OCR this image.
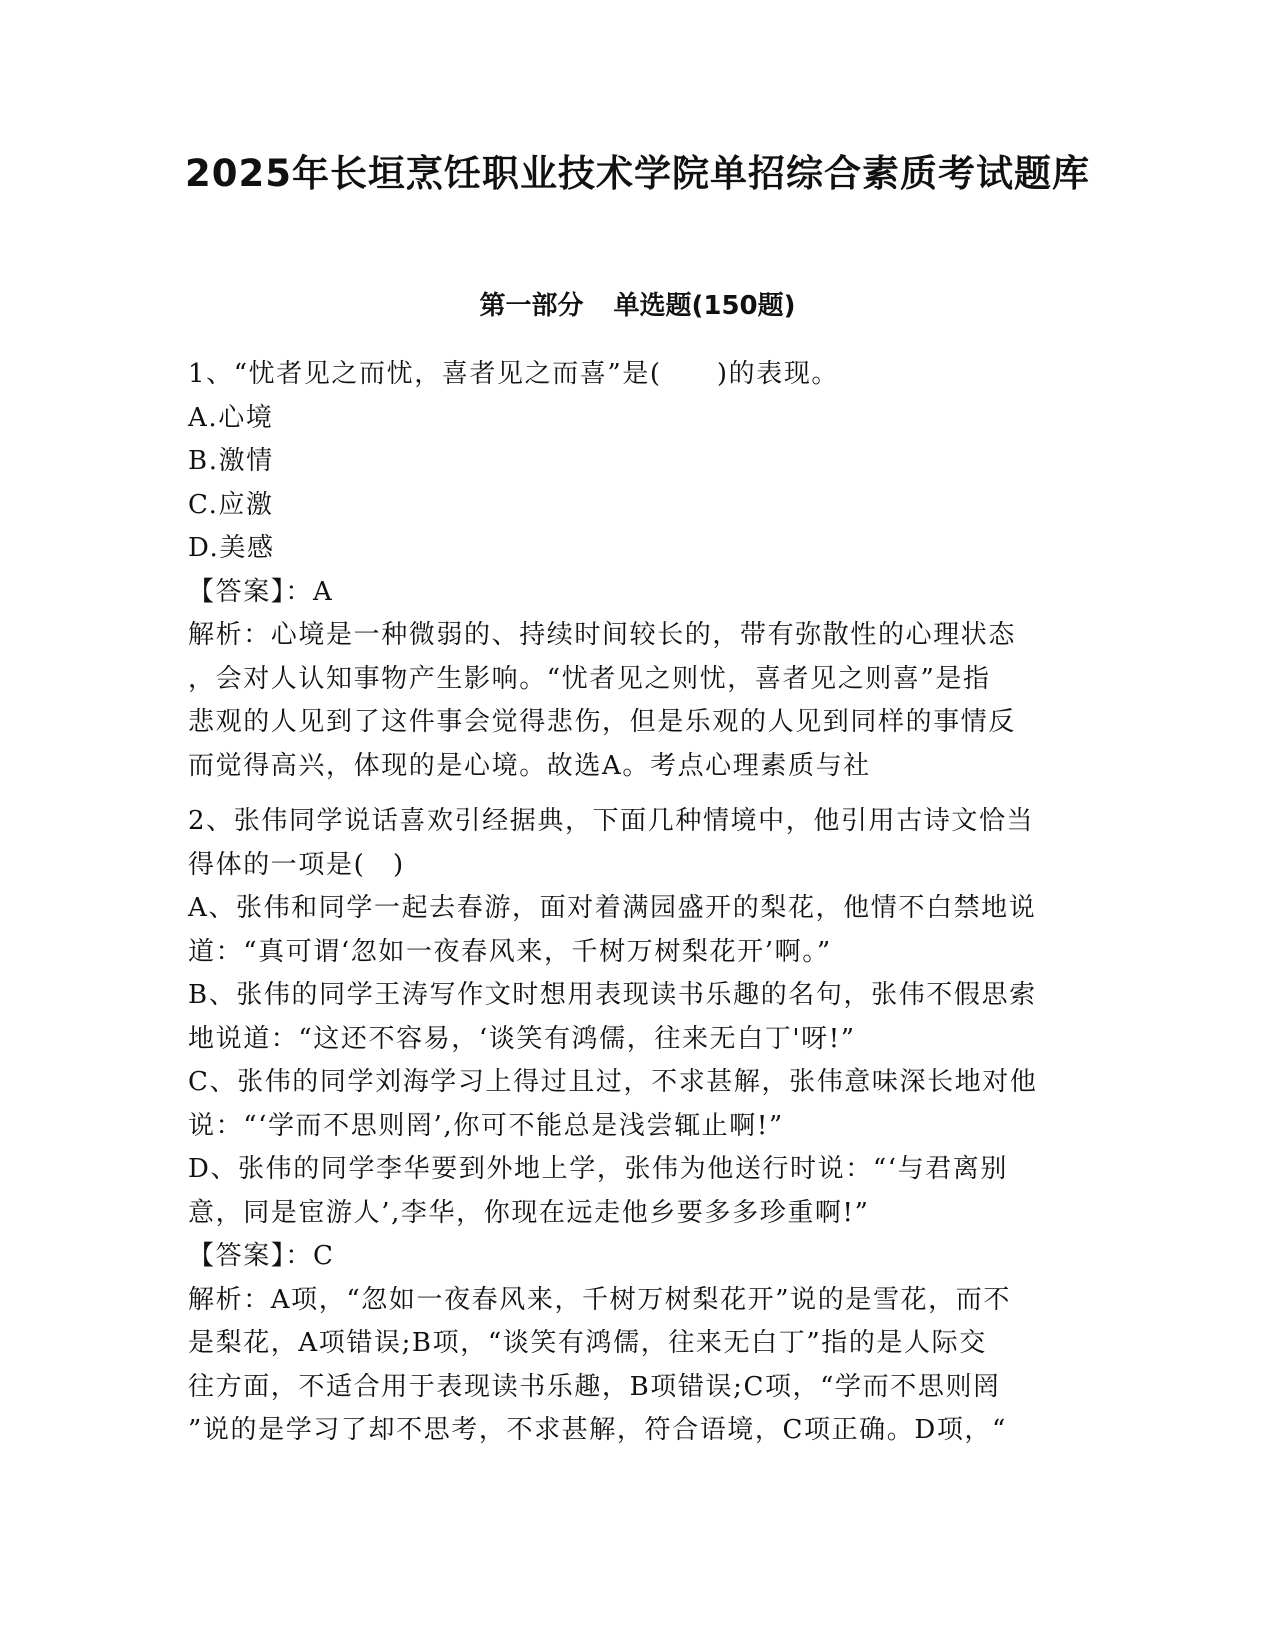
2025年长垣烹饪职业技术学院单招综合素质考试题库
第一部分 单选题(150题)
1、“忧者见之而忧，喜者见之而喜”是(　　)的表现。
A.心境
B.激情
C.应激
D.美感
【答案】：A
解析：心境是一种微弱的、持续时间较长的，带有弥散性的心理状态
，会对人认知事物产生影响。“忧者见之则忧，喜者见之则喜”是指
悲观的人见到了这件事会觉得悲伤，但是乐观的人见到同样的事情反
而觉得高兴，体现的是心境。故选A。考点心理素质与社
2、张伟同学说话喜欢引经据典，下面几种情境中，他引用古诗文恰当
得体的一项是(　)
A、张伟和同学一起去春游，面对着满园盛开的梨花，他情不白禁地说
道：“真可谓‘忽如一夜春风来，千树万树梨花开’啊。”
B、张伟的同学王涛写作文时想用表现读书乐趣的名句，张伟不假思索
地说道：“这还不容易，‘谈笑有鸿儒，往来无白丁'呀!”
C、张伟的同学刘海学习上得过且过，不求甚解，张伟意味深长地对他
说：“‘学而不思则罔’,你可不能总是浅尝辄止啊!”
D、张伟的同学李华要到外地上学，张伟为他送行时说：“‘与君离别
意，同是宦游人’,李华，你现在远走他乡要多多珍重啊!”
【答案】：C
解析：A项，“忽如一夜春风来，千树万树梨花开”说的是雪花，而不
是梨花，A项错误;B项，“谈笑有鸿儒，往来无白丁”指的是人际交
往方面，不适合用于表现读书乐趣，B项错误;C项，“学而不思则罔
”说的是学习了却不思考，不求甚解，符合语境，C项正确。D项，“
